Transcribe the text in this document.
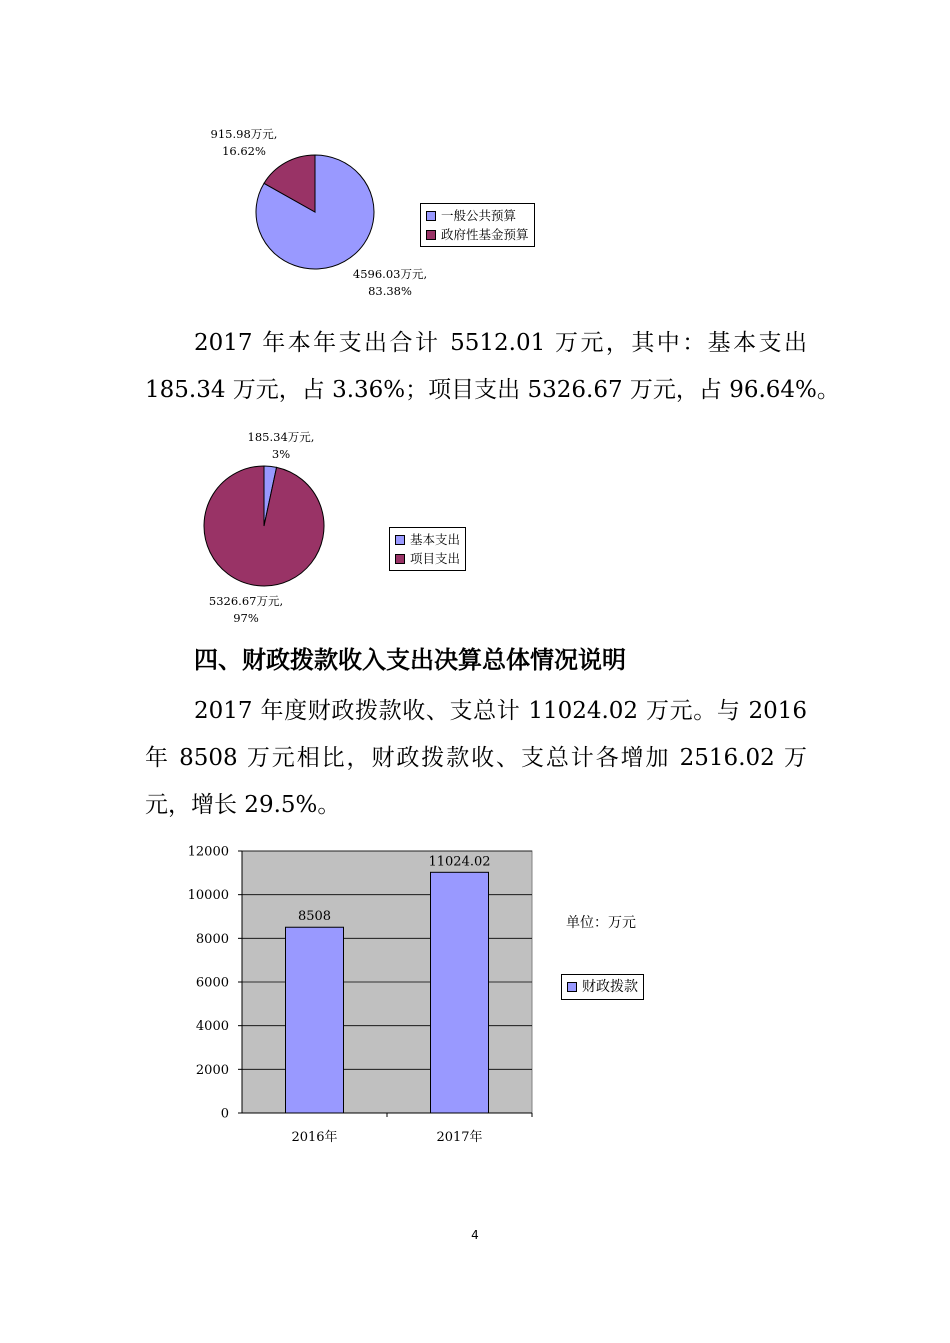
915.98万元,
16.62%
4596.03万元,
83.38%
一般公共预算
政府性基金预算
2017 年本年支出合计 5512.01 万元，其中：基本支出
185.34 万元，占 3.36%；项目支出 5326.67 万元，占 96.64%。
185.34万元,
3%
5326.67万元,
97%
基本支出
项目支出
四、财政拨款收入支出决算总体情况说明
2017 年度财政拨款收、支总计 11024.02 万元。与 2016
年 8508 万元相比，财政拨款收、支总计各增加 2516.02 万
元，增长 29.5%。
0
2000
4000
6000
8000
10000
12000
8508
2016年
11024.02
2017年
单位：万元
财政拨款
4
